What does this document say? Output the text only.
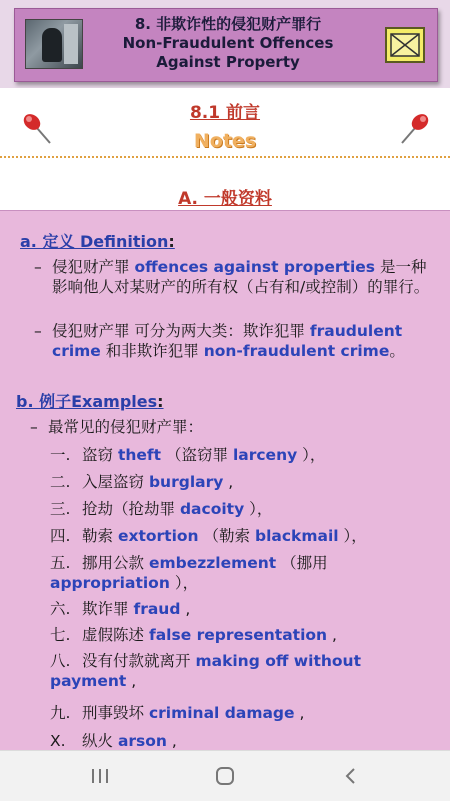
8. 非欺诈性的侵犯财产罪行
Non-Fraudulent Offences
Against Property
8.1 前言
Notes
A. 一般资料
a. 定义 Definition:
– 侵犯财产罪 offences against properties 是一种影响他人对某财产的所有权（占有和/或控制）的罪行。
– 侵犯财产罪 可分为两大类：欺诈犯罪 fraudulent crime 和非欺诈犯罪 non-fraudulent crime。
b. 例子Examples:
– 最常见的侵犯财产罪：
一. 盗窃 theft （盗窃罪 larceny ），
二. 入屋盗窃 burglary ,
三. 抢劫（抢劫罪 dacoity ），
四. 勒索 extortion （勒索 blackmail ），
五. 挪用公款 embezzlement （挪用 appropriation ），
六. 欺诈罪 fraud ,
七. 虚假陈述 false representation ,
八. 没有付款就离开 making off without payment ,
九. 刑事毁坏 criminal damage ,
X. 纵火 arson ,
